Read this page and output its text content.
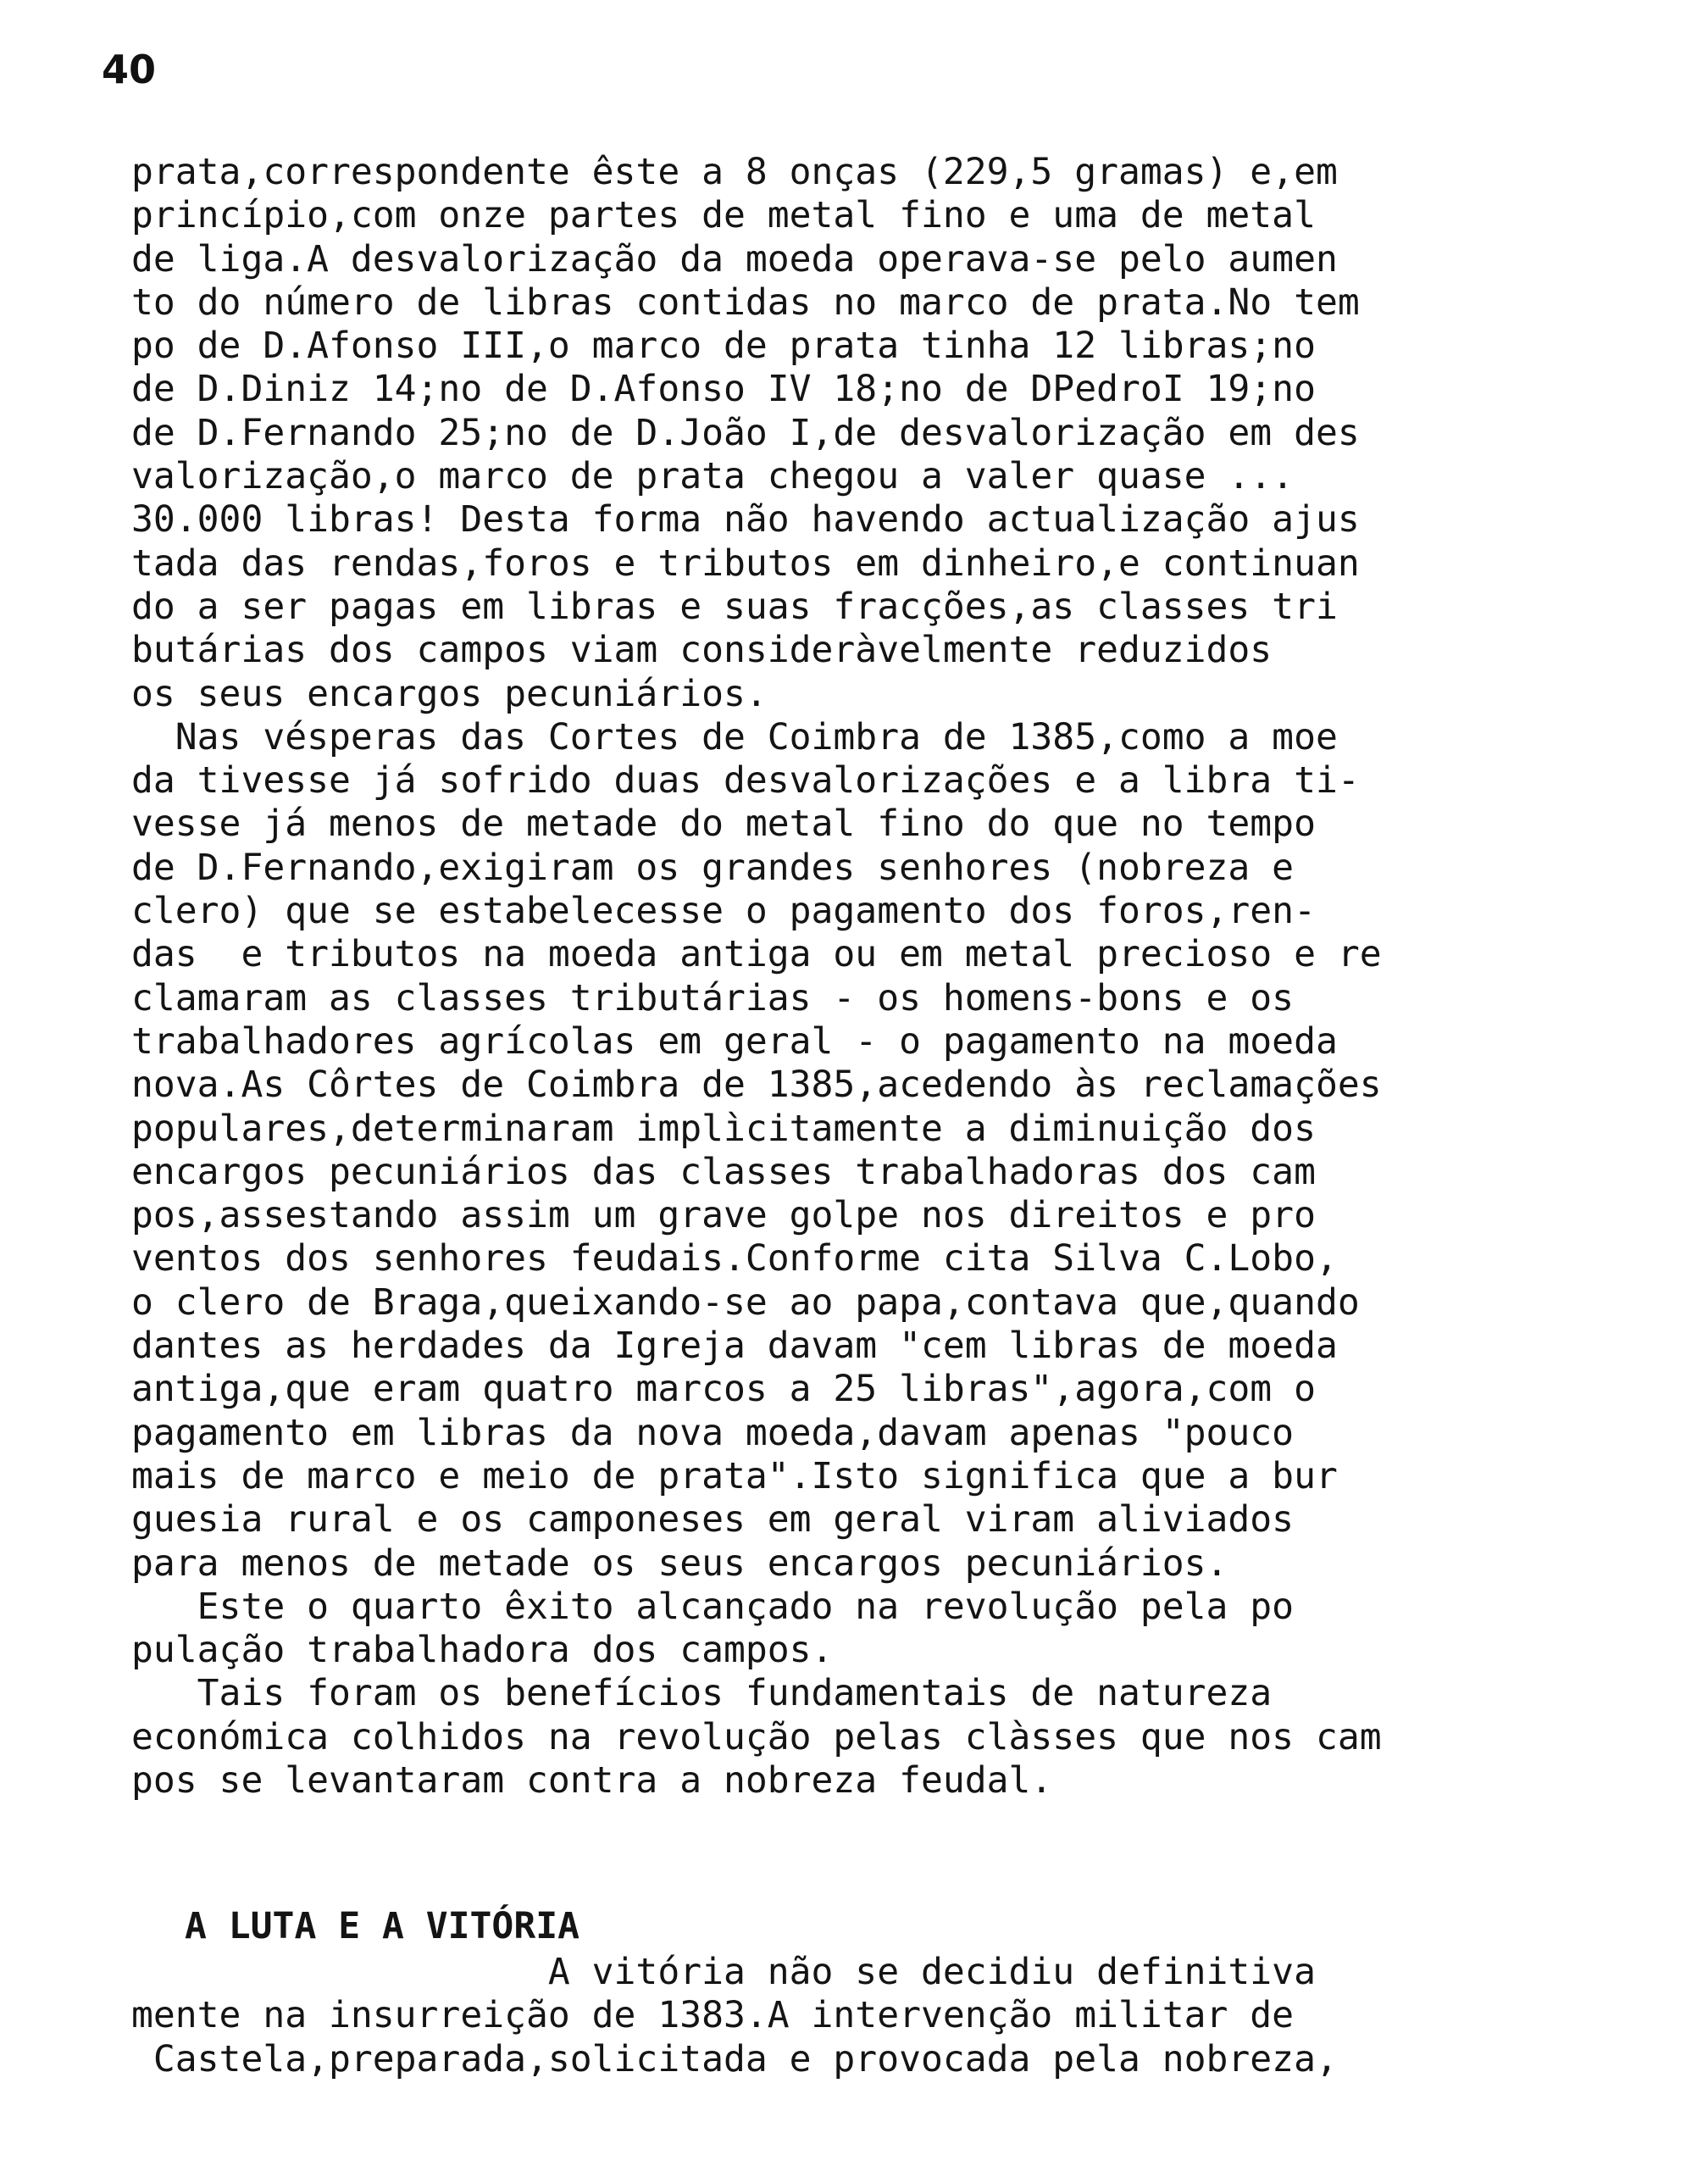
40
prata,correspondente êste a 8 onças (229,5 gramas) e,em
princípio,com onze partes de metal fino e uma de metal
de liga.A desvalorização da moeda operava-se pelo aumen
to do número de libras contidas no marco de prata.No tem
po de D.Afonso III,o marco de prata tinha 12 libras;no
de D.Diniz 14;no de D.Afonso IV 18;no de DPedroI 19;no
de D.Fernando 25;no de D.João I,de desvalorização em des
valorização,o marco de prata chegou a valer quase ...
30.000 libras! Desta forma não havendo actualização ajus
tada das rendas,foros e tributos em dinheiro,e continuan
do a ser pagas em libras e suas fracções,as classes tri
butárias dos campos viam consideràvelmente reduzidos
os seus encargos pecuniários.
Nas vésperas das Cortes de Coimbra de 1385,como a moe
da tivesse já sofrido duas desvalorizações e a libra ti-
vesse já menos de metade do metal fino do que no tempo
de D.Fernando,exigiram os grandes senhores (nobreza e
clero) que se estabelecesse o pagamento dos foros,ren-
das  e tributos na moeda antiga ou em metal precioso e re
clamaram as classes tributárias - os homens-bons e os
trabalhadores agrícolas em geral - o pagamento na moeda
nova.As Côrtes de Coimbra de 1385,acedendo às reclamações
populares,determinaram implìcitamente a diminuição dos
encargos pecuniários das classes trabalhadoras dos cam
pos,assestando assim um grave golpe nos direitos e pro
ventos dos senhores feudais.Conforme cita Silva C.Lobo,
o clero de Braga,queixando-se ao papa,contava que,quando
dantes as herdades da Igreja davam "cem libras de moeda
antiga,que eram quatro marcos a 25 libras",agora,com o
pagamento em libras da nova moeda,davam apenas "pouco
mais de marco e meio de prata".Isto significa que a bur
guesia rural e os camponeses em geral viram aliviados
para menos de metade os seus encargos pecuniários.
Este o quarto êxito alcançado na revolução pela po
pulação trabalhadora dos campos.
Tais foram os benefícios fundamentais de natureza
económica colhidos na revolução pelas clàsses que nos cam
pos se levantaram contra a nobreza feudal.
A LUTA E A VITÓRIA
A vitória não se decidiu definitiva
mente na insurreição de 1383.A intervenção militar de
Castela,preparada,solicitada e provocada pela nobreza,
